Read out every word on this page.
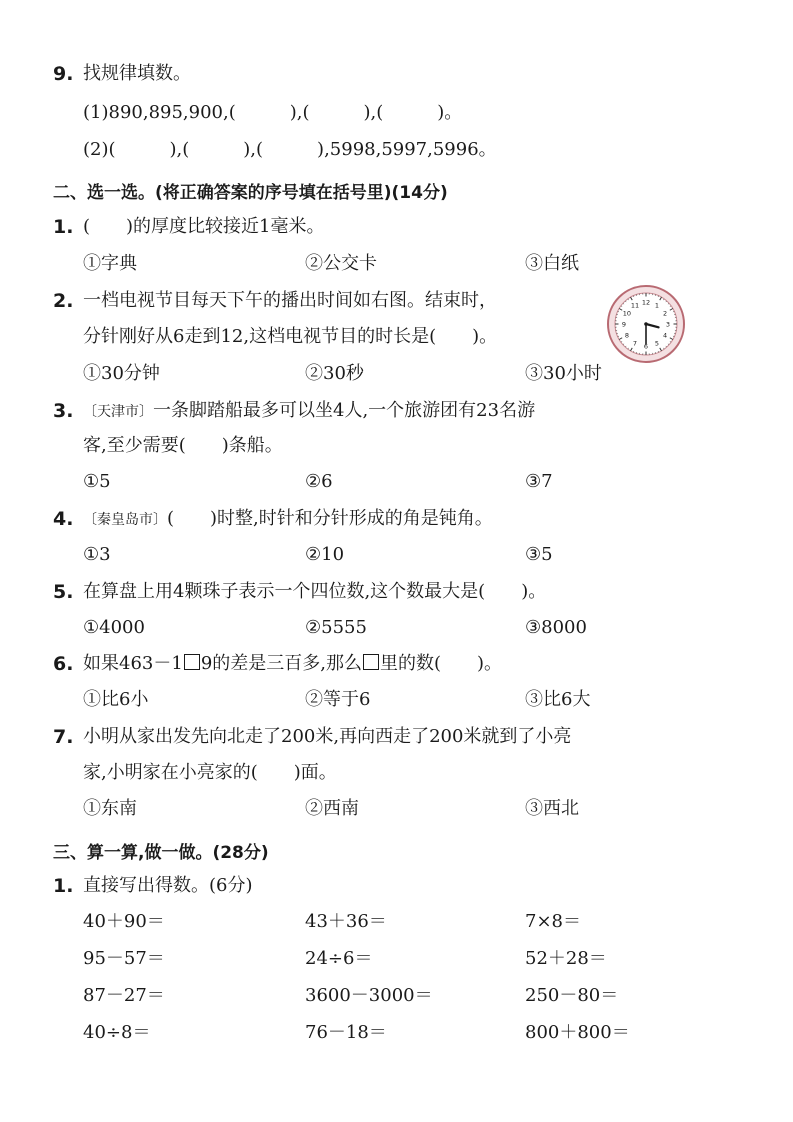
9. 找规律填数。
(1)890,895,900,(　　　),(　　　),(　　　)。
(2)(　　　),(　　　),(　　　),5998,5997,5996。
二、选一选。(将正确答案的序号填在括号里)(14分)
1. (　　)的厚度比较接近1毫米。
①字典	②公交卡	③白纸
2. 一档电视节目每天下午的播出时间如右图。结束时，
分针刚好从6走到12,这档电视节目的时长是(　　)。
①30分钟	②30秒	③30小时
12 1
2
3
4
5
6
7
8
9
10
11
3. 〔天津市〕一条脚踏船最多可以坐4人,一个旅游团有23名游
客,至少需要(　　)条船。
①5	②6	③7
4. 〔秦皇岛市〕(　　)时整,时针和分针形成的角是钝角。
①3	②10	③5
5. 在算盘上用4颗珠子表示一个四位数,这个数最大是(　　)。
①4000	②5555	③8000
6. 如果463－1 9的差是三百多,那么 里的数(　　)。
①比6小	②等于6	③比6大
7. 小明从家出发先向北走了200米,再向西走了200米就到了小亮
家,小明家在小亮家的(　　)面。
①东南	②西南	③西北
三、算一算,做一做。(28分)
1. 直接写出得数。(6分)
40＋90＝	43＋36＝	7×8＝
95－57＝	24÷6＝	52＋28＝
87－27＝	3600－3000＝	250－80＝
40÷8＝	76－18＝	800＋800＝
